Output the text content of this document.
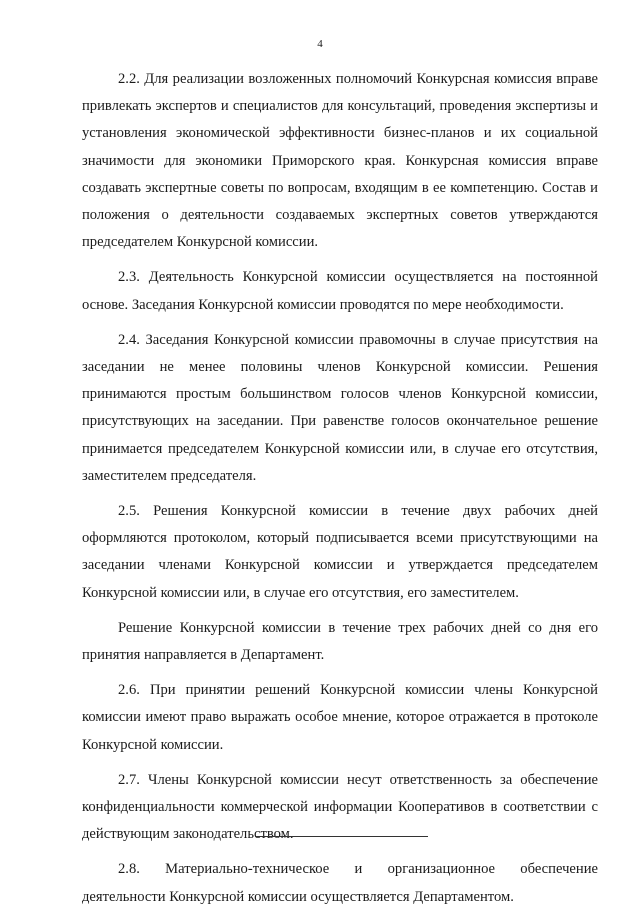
4

2.2. Для реализации возложенных полномочий Конкурсная комиссия вправе привлекать экспертов и специалистов для консультаций, проведения экспертизы и установления экономической эффективности бизнес-планов и их социальной значимости для экономики Приморского края. Конкурсная комиссия вправе создавать экспертные советы по вопросам, входящим в ее компетенцию. Состав и положения о деятельности создаваемых экспертных советов утверждаются председателем Конкурсной комиссии.

2.3. Деятельность Конкурсной комиссии осуществляется на постоянной основе. Заседания Конкурсной комиссии проводятся по мере необходимости.

2.4. Заседания Конкурсной комиссии правомочны в случае присутствия на заседании не менее половины членов Конкурсной комиссии. Решения принимаются простым большинством голосов членов Конкурсной комиссии, присутствующих на заседании. При равенстве голосов окончательное решение принимается председателем Конкурсной комиссии или, в случае его отсутствия, заместителем председателя.

2.5. Решения Конкурсной комиссии в течение двух рабочих дней оформляются протоколом, который подписывается всеми присутствующими на заседании членами Конкурсной комиссии и утверждается председателем Конкурсной комиссии или, в случае его отсутствия, его заместителем.

Решение Конкурсной комиссии в течение трех рабочих дней со дня его принятия направляется в Департамент.

2.6. При принятии решений Конкурсной комиссии члены Конкурсной комиссии имеют право выражать особое мнение, которое отражается в протоколе Конкурсной комиссии.

2.7. Члены Конкурсной комиссии несут ответственность за обеспечение конфиденциальности коммерческой информации Кооперативов в соответствии с действующим законодательством.

2.8. Материально-техническое и организационное обеспечение деятельности Конкурсной комиссии осуществляется Департаментом.
